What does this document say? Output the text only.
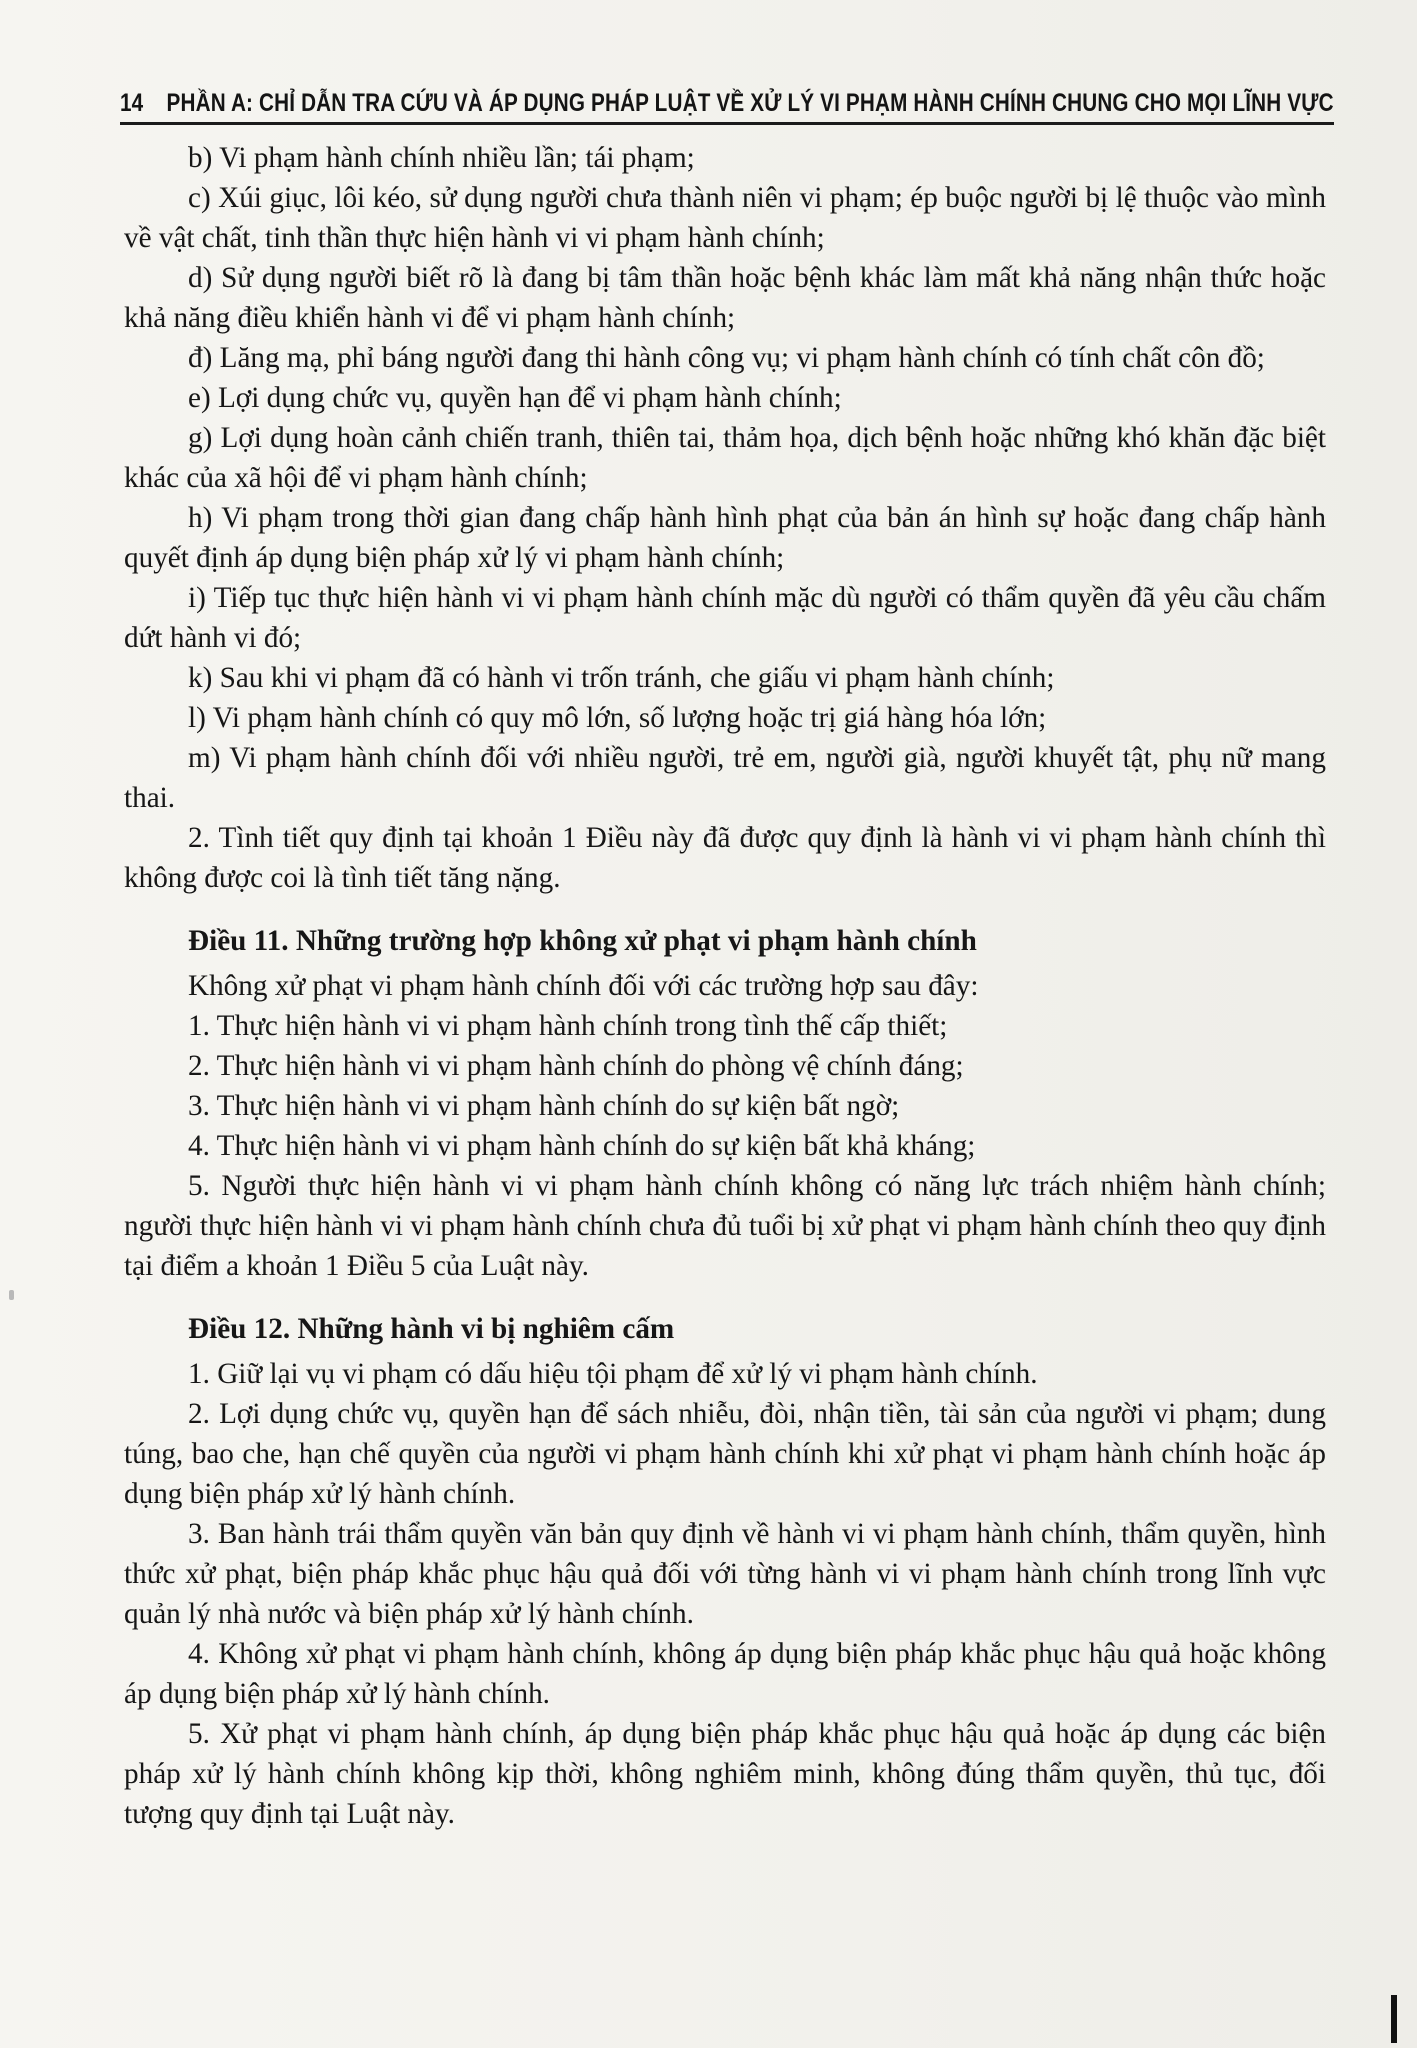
14 PHẦN A: CHỈ DẪN TRA CỨU VÀ ÁP DỤNG PHÁP LUẬT VỀ XỬ LÝ VI PHẠM HÀNH CHÍNH CHUNG CHO MỌI LĨNH VỰC

b) Vi phạm hành chính nhiều lần; tái phạm;

c) Xúi giục, lôi kéo, sử dụng người chưa thành niên vi phạm; ép buộc người bị lệ thuộc vào mình về vật chất, tinh thần thực hiện hành vi vi phạm hành chính;

d) Sử dụng người biết rõ là đang bị tâm thần hoặc bệnh khác làm mất khả năng nhận thức hoặc khả năng điều khiển hành vi để vi phạm hành chính;

đ) Lăng mạ, phỉ báng người đang thi hành công vụ; vi phạm hành chính có tính chất côn đồ;

e) Lợi dụng chức vụ, quyền hạn để vi phạm hành chính;

g) Lợi dụng hoàn cảnh chiến tranh, thiên tai, thảm họa, dịch bệnh hoặc những khó khăn đặc biệt khác của xã hội để vi phạm hành chính;

h) Vi phạm trong thời gian đang chấp hành hình phạt của bản án hình sự hoặc đang chấp hành quyết định áp dụng biện pháp xử lý vi phạm hành chính;

i) Tiếp tục thực hiện hành vi vi phạm hành chính mặc dù người có thẩm quyền đã yêu cầu chấm dứt hành vi đó;

k) Sau khi vi phạm đã có hành vi trốn tránh, che giấu vi phạm hành chính;

l) Vi phạm hành chính có quy mô lớn, số lượng hoặc trị giá hàng hóa lớn;

m) Vi phạm hành chính đối với nhiều người, trẻ em, người già, người khuyết tật, phụ nữ mang thai.

2. Tình tiết quy định tại khoản 1 Điều này đã được quy định là hành vi vi phạm hành chính thì không được coi là tình tiết tăng nặng.

Điều 11. Những trường hợp không xử phạt vi phạm hành chính

Không xử phạt vi phạm hành chính đối với các trường hợp sau đây:

1. Thực hiện hành vi vi phạm hành chính trong tình thế cấp thiết;

2. Thực hiện hành vi vi phạm hành chính do phòng vệ chính đáng;

3. Thực hiện hành vi vi phạm hành chính do sự kiện bất ngờ;

4. Thực hiện hành vi vi phạm hành chính do sự kiện bất khả kháng;

5. Người thực hiện hành vi vi phạm hành chính không có năng lực trách nhiệm hành chính; người thực hiện hành vi vi phạm hành chính chưa đủ tuổi bị xử phạt vi phạm hành chính theo quy định tại điểm a khoản 1 Điều 5 của Luật này.

Điều 12. Những hành vi bị nghiêm cấm

1. Giữ lại vụ vi phạm có dấu hiệu tội phạm để xử lý vi phạm hành chính.

2. Lợi dụng chức vụ, quyền hạn để sách nhiễu, đòi, nhận tiền, tài sản của người vi phạm; dung túng, bao che, hạn chế quyền của người vi phạm hành chính khi xử phạt vi phạm hành chính hoặc áp dụng biện pháp xử lý hành chính.

3. Ban hành trái thẩm quyền văn bản quy định về hành vi vi phạm hành chính, thẩm quyền, hình thức xử phạt, biện pháp khắc phục hậu quả đối với từng hành vi vi phạm hành chính trong lĩnh vực quản lý nhà nước và biện pháp xử lý hành chính.

4. Không xử phạt vi phạm hành chính, không áp dụng biện pháp khắc phục hậu quả hoặc không áp dụng biện pháp xử lý hành chính.

5. Xử phạt vi phạm hành chính, áp dụng biện pháp khắc phục hậu quả hoặc áp dụng các biện pháp xử lý hành chính không kịp thời, không nghiêm minh, không đúng thẩm quyền, thủ tục, đối tượng quy định tại Luật này.
